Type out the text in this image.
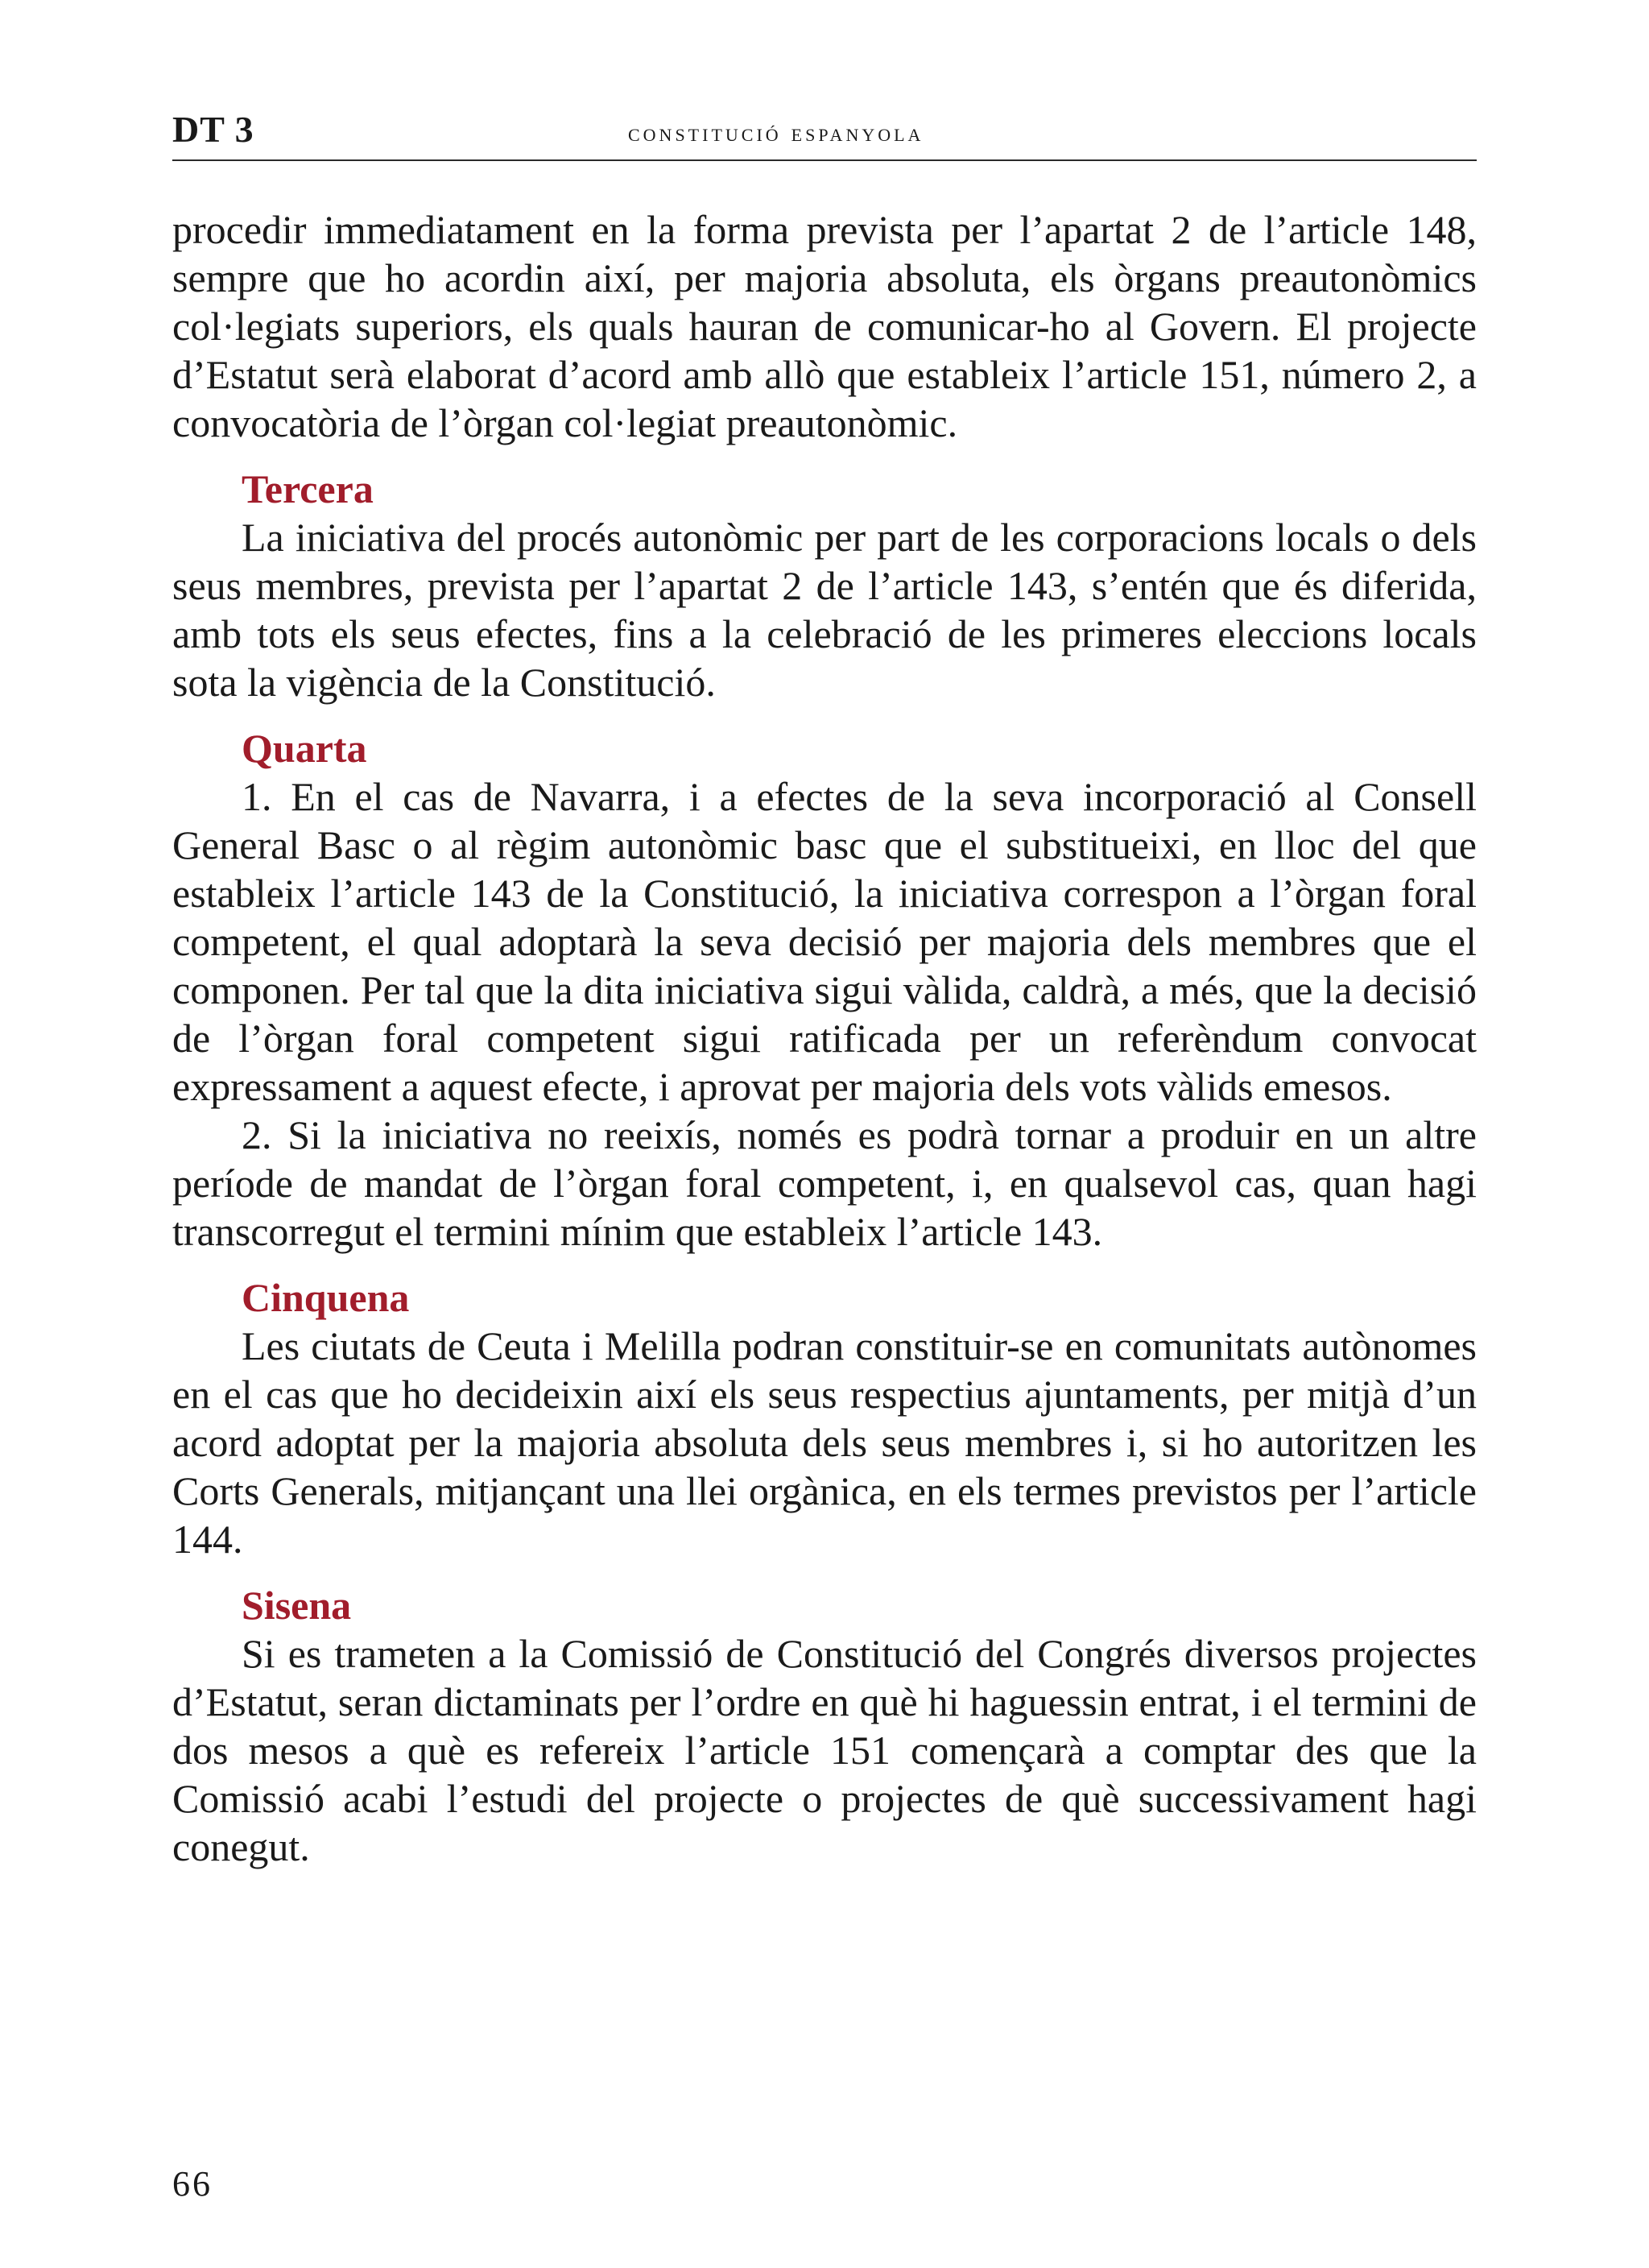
DT 3	constitució espanyola

procedir immediatament en la forma prevista per l’apartat 2 de l’article 148, sempre que ho acordin així, per majoria absoluta, els òrgans preautonòmics col·legiats superiors, els quals hauran de comunicar-ho al Govern. El projecte d’Estatut serà elaborat d’acord amb allò que estableix l’article 151, número 2, a convocatòria de l’òrgan col·legiat preautonòmic.

Tercera

La iniciativa del procés autonòmic per part de les corporacions locals o dels seus membres, prevista per l’apartat 2 de l’article 143, s’entén que és diferida, amb tots els seus efectes, fins a la celebració de les primeres eleccions locals sota la vigència de la Constitució.

Quarta

1. En el cas de Navarra, i a efectes de la seva incorporació al Consell General Basc o al règim autonòmic basc que el substitueixi, en lloc del que estableix l’article 143 de la Constitució, la iniciativa correspon a l’òrgan foral competent, el qual adoptarà la seva decisió per majoria dels membres que el componen. Per tal que la dita iniciativa sigui vàlida, caldrà, a més, que la decisió de l’òrgan foral competent sigui ratificada per un referèndum convocat expressament a aquest efecte, i aprovat per majoria dels vots vàlids emesos.

2. Si la iniciativa no reeixís, només es podrà tornar a produir en un altre període de mandat de l’òrgan foral competent, i, en qualsevol cas, quan hagi transcorregut el termini mínim que estableix l’article 143.

Cinquena

Les ciutats de Ceuta i Melilla podran constituir-se en comunitats autònomes en el cas que ho decideixin així els seus respectius ajuntaments, per mitjà d’un acord adoptat per la majoria absoluta dels seus membres i, si ho autoritzen les Corts Generals, mitjançant una llei orgànica, en els termes previstos per l’article 144.

Sisena

Si es trameten a la Comissió de Constitució del Congrés diversos projectes d’Estatut, seran dictaminats per l’ordre en què hi haguessin entrat, i el termini de dos mesos a què es refereix l’article 151 començarà a comptar des que la Comissió acabi l’estudi del projecte o projectes de què successivament hagi conegut.

66
